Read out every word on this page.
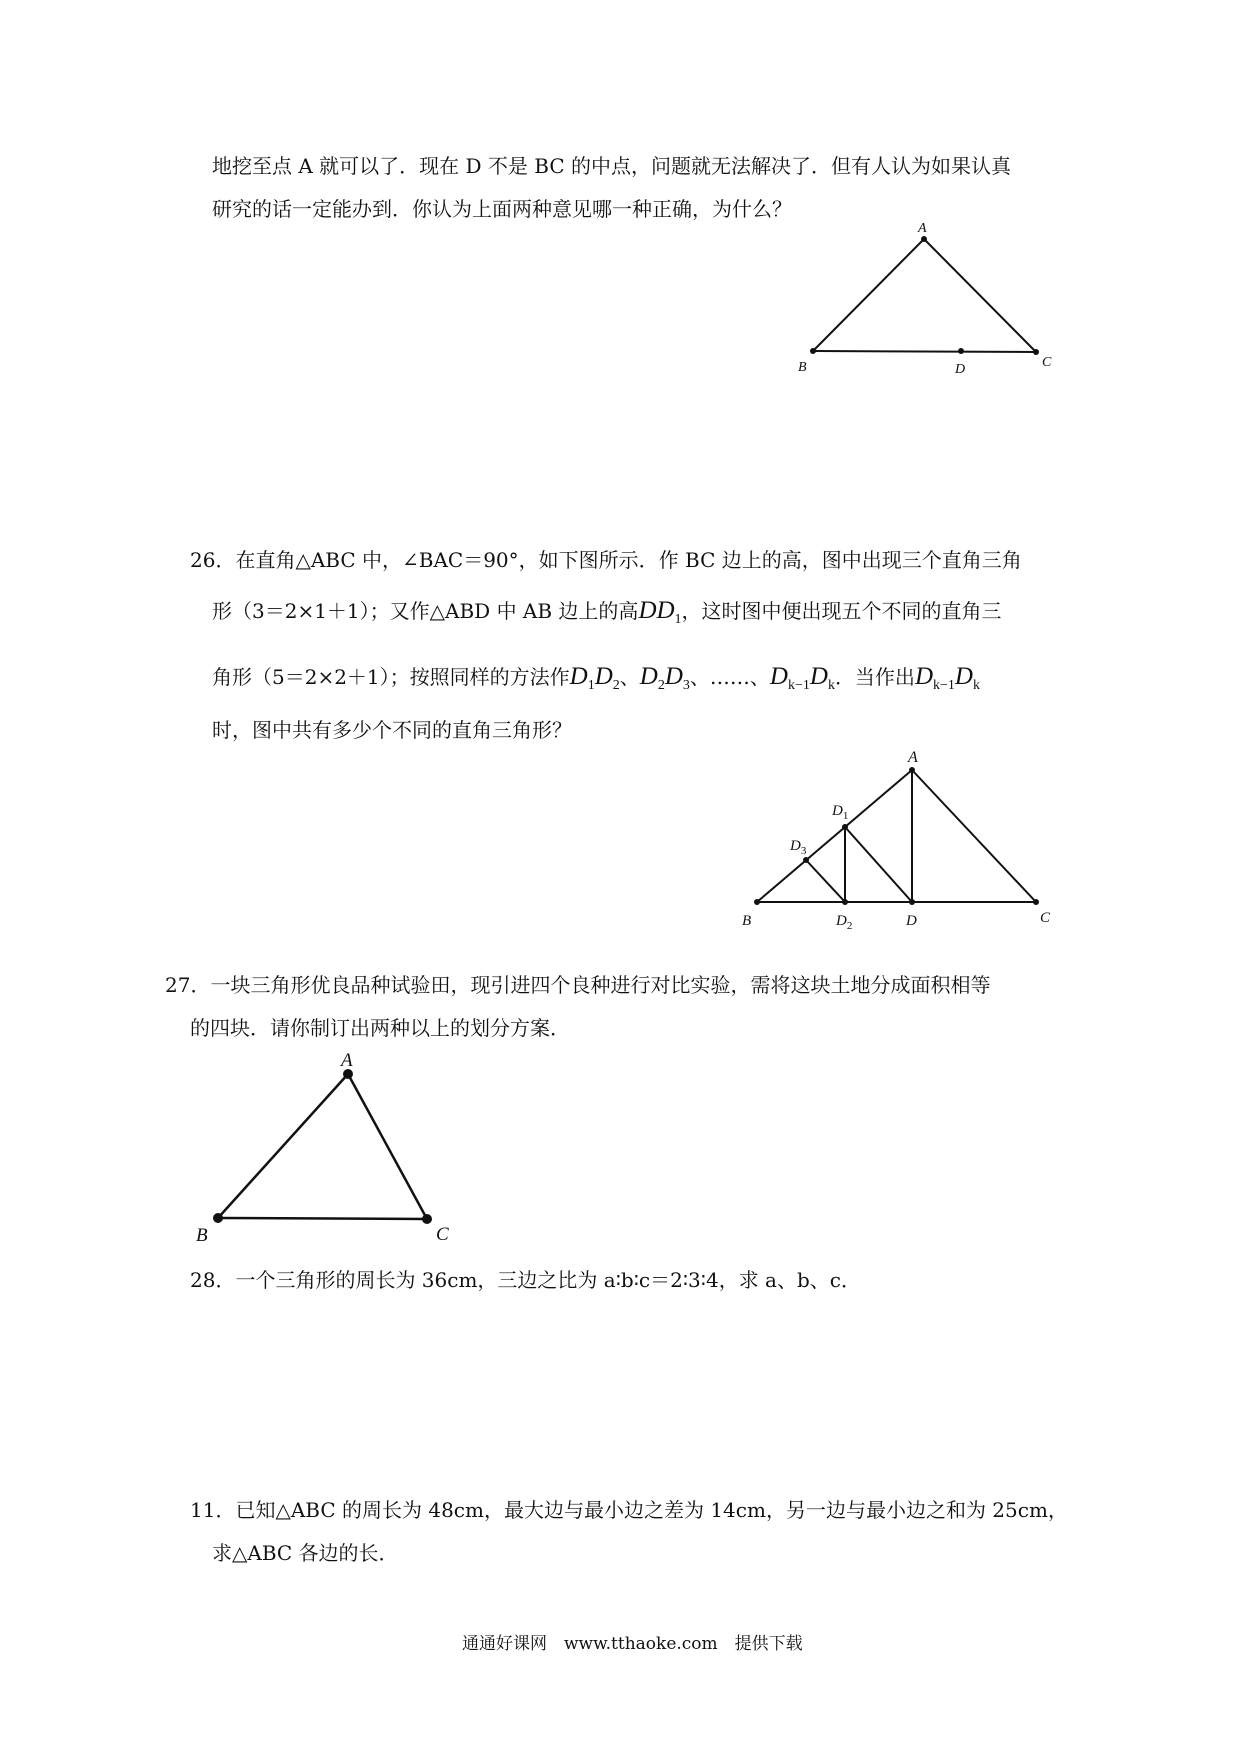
地挖至点 A 就可以了．现在 D 不是 BC 的中点，问题就无法解决了．但有人认为如果认真
研究的话一定能办到．你认为上面两种意见哪一种正确，为什么？
A
B	C
D
26．在直角△ABC 中，∠BAC＝90°，如下图所示．作 BC 边上的高，图中出现三个直角三角
形（3＝2×1＋1）；又作△ABD 中 AB 边上的高$DD_1$，这时图中便出现五个不同的直角三
角形（5＝2×2＋1）；按照同样的方法作$D_1D_2$、$D_2D_3$、……、$D_{k-1}D_k$．当作出$D_{k-1}D_k$
时，图中共有多少个不同的直角三角形？
A
B	C
D
$D_1$
$D_2$
$D_3$
27．一块三角形优良品种试验田，现引进四个良种进行对比实验，需将这块土地分成面积相等
的四块．请你制订出两种以上的划分方案．
A
B	C
28．一个三角形的周长为 36cm，三边之比为 a∶b∶c＝2∶3∶4，求 a、b、c．
11．已知△ABC 的周长为 48cm，最大边与最小边之差为 14cm，另一边与最小边之和为 25cm，
求△ABC 各边的长．
通通好课网　www.tthaoke.com　提供下载
